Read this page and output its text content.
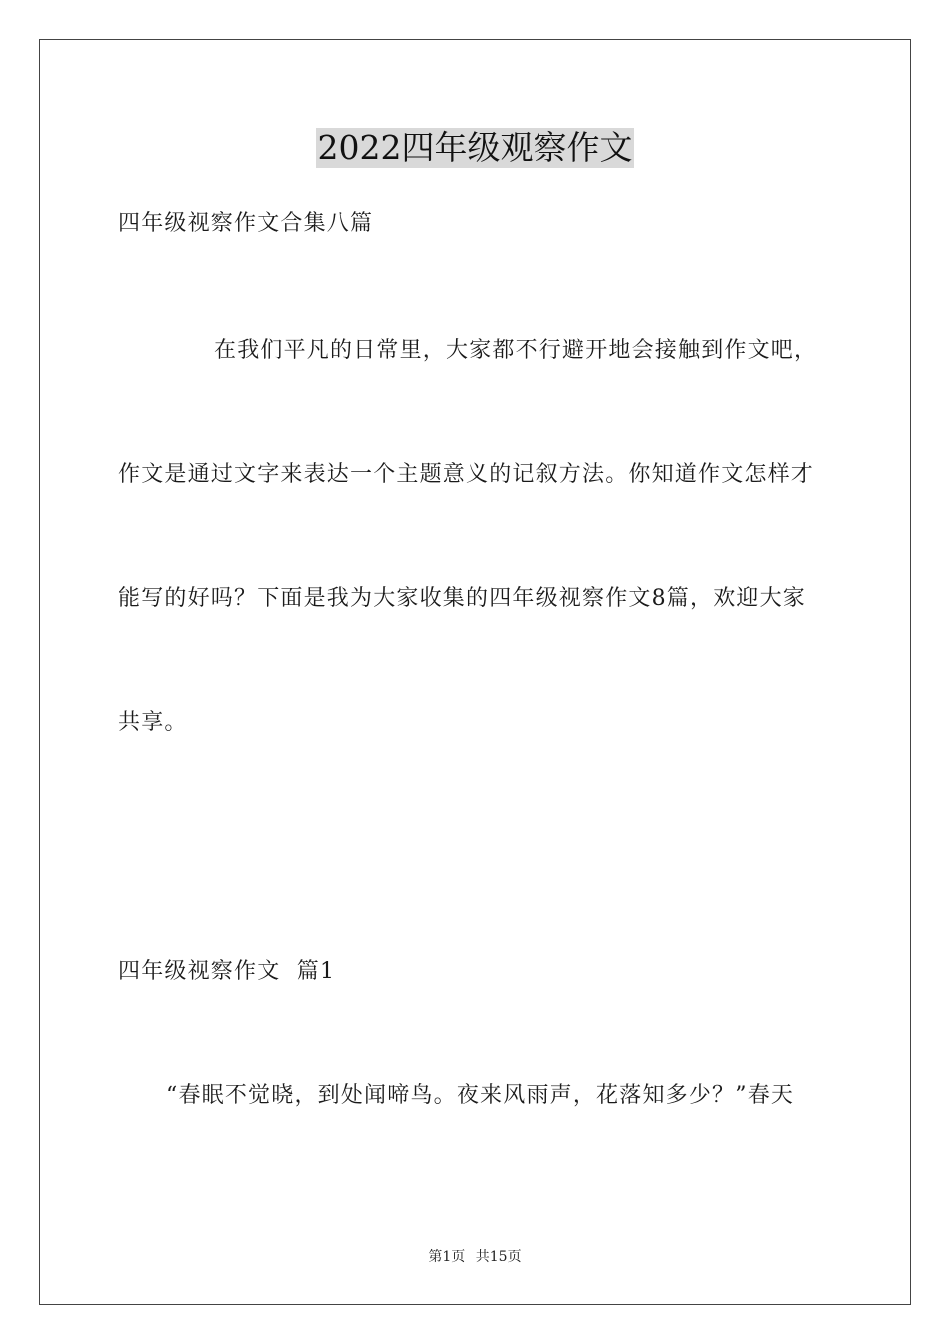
2022四年级观察作文
四年级视察作文合集八篇
在我们平凡的日常里，大家都不行避开地会接触到作文吧，
作文是通过文字来表达一个主题意义的记叙方法。你知道作文怎样才
能写的好吗？下面是我为大家收集的四年级视察作文8篇，欢迎大家
共享。
四年级视察作文  篇1
“春眠不觉晓，到处闻啼鸟。夜来风雨声，花落知多少？”春天
第1页 共15页
